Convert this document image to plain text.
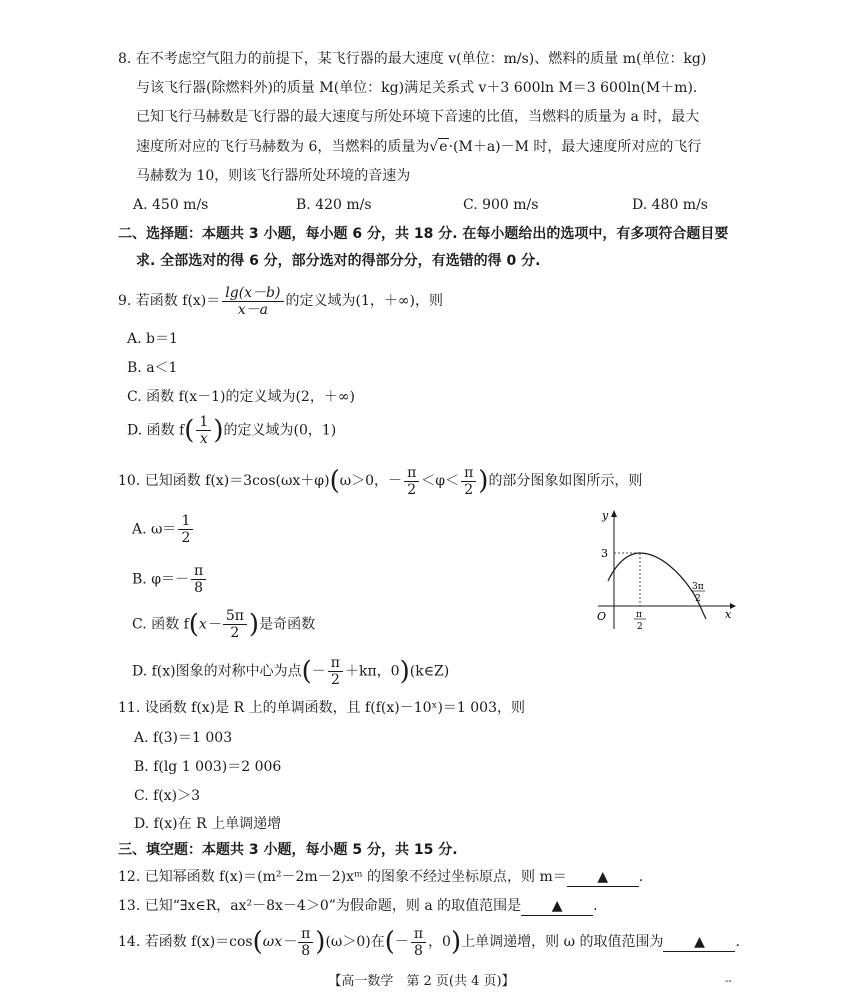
8. 在不考虑空气阻力的前提下，某飞行器的最大速度 v(单位：m/s)、燃料的质量 m(单位：kg)
与该飞行器(除燃料外)的质量 M(单位：kg)满足关系式 v＋3 600ln M＝3 600ln(M＋m).
已知飞行马赫数是飞行器的最大速度与所处环境下音速的比值，当燃料的质量为 a 时，最大
速度所对应的飞行马赫数为 6，当燃料的质量为√e·(M＋a)－M 时，最大速度所对应的飞行
马赫数为 10，则该飞行器所处环境的音速为
A. 450 m/s	B. 420 m/s	C. 900 m/s	D. 480 m/s
二、选择题：本题共 3 小题，每小题 6 分，共 18 分. 在每小题给出的选项中，有多项符合题目要
求. 全部选对的得 6 分，部分选对的得部分分，有选错的得 0 分.
9. 若函数 $f(x)= \frac{\lg(x-b)}{x-a}$ 的定义域为(1，＋∞)，则
A. b＝1
B. a＜1
C. 函数 f(x－1)的定义域为(2，＋∞)
D. 函数 $f( \frac{1}{x}$ )的定义域为(0，1)
10. 已知函数 f(x)＝3cos(ωx＋φ)(ω＞0，－ $\frac{\pi}{2} <\varphi< \frac{\pi}{2}$ )的部分图象如图所示，则
A. $\omega= \frac{1}{2}$
B. $\varphi=- \frac{\pi}{8}$
C. 函数 $f(x- \frac{5\pi}{2}$ )是奇函数
D. f(x)图象的对称中心为点(－ $\frac{\pi}{2} +k\pi$，0)(k∈Z)
y
x
O
3
π
2
3π
2
11. 设函数 f(x)是 R 上的单调函数，且 f(f(x)－10ˣ)＝1 003，则
A. f(3)＝1 003
B. f(lg 1 003)＝2 006
C. f(x)＞3
D. f(x)在 R 上单调递增
三、填空题：本题共 3 小题，每小题 5 分，共 15 分.
12. 已知幂函数 f(x)＝(m²－2m－2)xᵐ 的图象不经过坐标原点，则 m＝ ▲ .
13. 已知“∃x∈R，ax²－8x－4＞0”为假命题，则 a 的取值范围是 ▲ .
14. 若函数 $f(x)=\cos(\omega x- \frac{\pi}{8} )(\omega>0)$在(－ $\frac{\pi}{8}$ ，0)上单调递增，则 ω 的取值范围为 ▲ .
【高一数学　第 2 页(共 4 页)】	--
